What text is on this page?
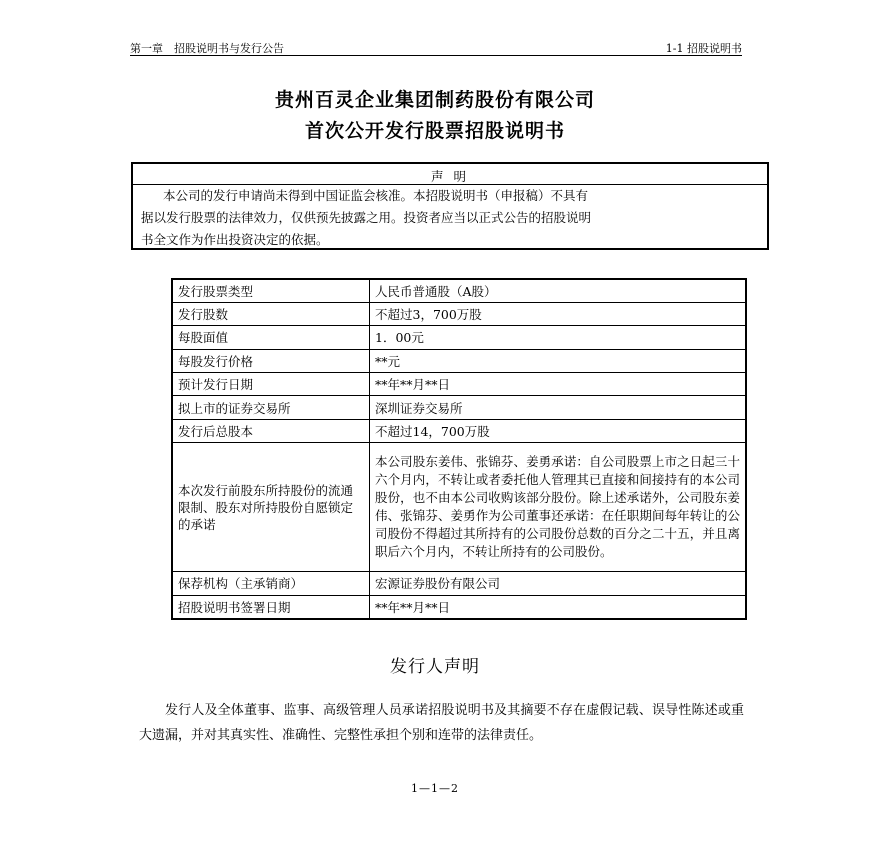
第一章　招股说明书与发行公告	1-1 招股说明书
贵州百灵企业集团制药股份有限公司
首次公开发行股票招股说明书
声 明
本公司的发行申请尚未得到中国证监会核准。本招股说明书（申报稿）不具有
据以发行股票的法律效力，仅供预先披露之用。投资者应当以正式公告的招股说明
书全文作为作出投资决定的依据。
发行股票类型	人民币普通股（A股）
发行股数	不超过3，700万股
每股面值	1．00元
每股发行价格	**元
预计发行日期	**年**月**日
拟上市的证券交易所	深圳证券交易所
发行后总股本	不超过14，700万股
本次发行前股东所持股份的流通限制、股东对所持股份自愿锁定的承诺	本公司股东姜伟、张锦芬、姜勇承诺：自公司股票上市之日起三十六个月内，不转让或者委托他人管理其已直接和间接持有的本公司股份，也不由本公司收购该部分股份。除上述承诺外，公司股东姜伟、张锦芬、姜勇作为公司董事还承诺：在任职期间每年转让的公司股份不得超过其所持有的公司股份总数的百分之二十五，并且离职后六个月内，不转让所持有的公司股份。
保荐机构（主承销商）	宏源证券股份有限公司
招股说明书签署日期	**年**月**日
发行人声明
发行人及全体董事、监事、高级管理人员承诺招股说明书及其摘要不存在虚假记载、误导性陈述或重大遗漏，并对其真实性、准确性、完整性承担个别和连带的法律责任。
1—1—2
